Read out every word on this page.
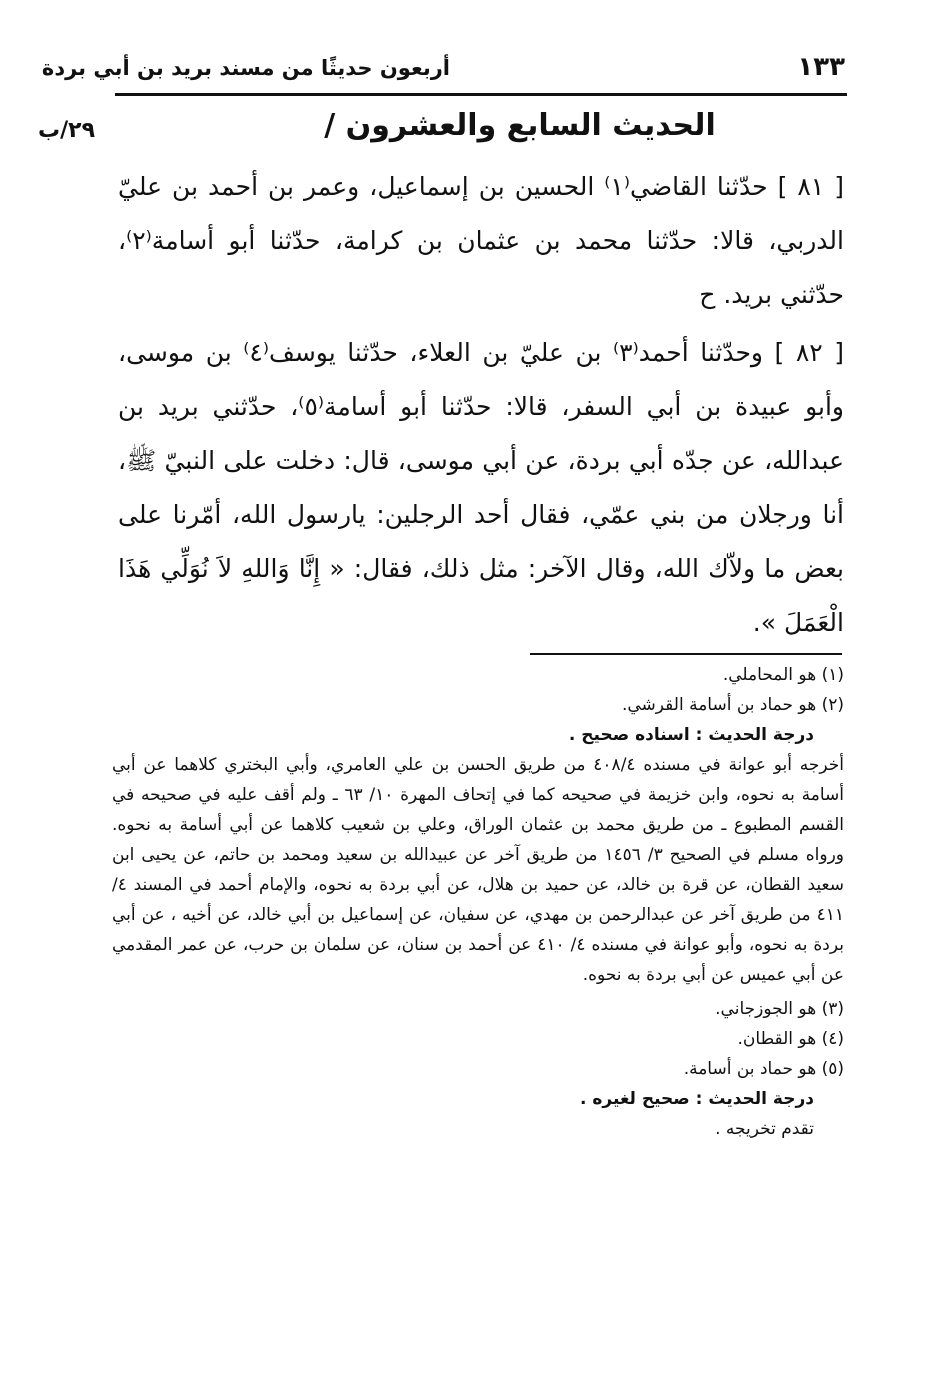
١٣٣
أربعون حديثًا من مسند بريد بن أبي بردة
٢٩/ب	الحديث السابع والعشرون /

[ ٨١ ] حدّثنا القاضي⁽١⁾ الحسين بن إسماعيل، وعمر بن أحمد بن عليّ الدربي، قالا: حدّثنا محمد بن عثمان بن كرامة، حدّثنا أبو أسامة⁽٢⁾، حدّثني بريد. ح

[ ٨٢ ] وحدّثنا أحمد⁽٣⁾ بن عليّ بن العلاء، حدّثنا يوسف⁽٤⁾ بن موسى، وأبو عبيدة بن أبي السفر، قالا: حدّثنا أبو أسامة⁽٥⁾، حدّثني بريد بن عبدالله، عن جدّه أبي بردة، عن أبي موسى، قال: دخلت على النبيّ ﷺ، أنا ورجلان من بني عمّي، فقال أحد الرجلين: يارسول الله، أمّرنا على بعض ما ولاّك الله، وقال الآخر: مثل ذلك، فقال: « إِنَّا وَاللهِ لاَ نُوَلِّي هَذَا الْعَمَلَ ».

(١) هو المحاملي.

(٢) هو حماد بن أسامة القرشي.

درجة الحديث : اسناده صحيح .

أخرجه أبو عوانة في مسنده ٤٠٨/٤ من طريق الحسن بن علي العامري، وأبي البختري كلاهما عن أبي أسامة به نحوه، وابن خزيمة في صحيحه كما في إتحاف المهرة ١٠/ ٦٣ ـ ولم أقف عليه في صحيحه في القسم المطبوع ـ من طريق محمد بن عثمان الوراق، وعلي بن شعيب كلاهما عن أبي أسامة به نحوه. ورواه مسلم في الصحيح ٣/ ١٤٥٦ من طريق آخر عن عبيدالله بن سعيد ومحمد بن حاتم، عن يحيى ابن سعيد القطان، عن قرة بن خالد، عن حميد بن هلال، عن أبي بردة به نحوه، والإمام أحمد في المسند ٤/ ٤١١ من طريق آخر عن عبدالرحمن بن مهدي، عن سفيان، عن إسماعيل بن أبي خالد، عن أخيه ، عن أبي بردة به نحوه، وأبو عوانة في مسنده ٤/ ٤١٠ عن أحمد بن سنان، عن سلمان بن حرب، عن عمر المقدمي عن أبي عميس عن أبي بردة به نحوه.

(٣) هو الجوزجاني.

(٤) هو القطان.

(٥) هو حماد بن أسامة.

درجة الحديث : صحيح لغيره .

تقدم تخريجه .
